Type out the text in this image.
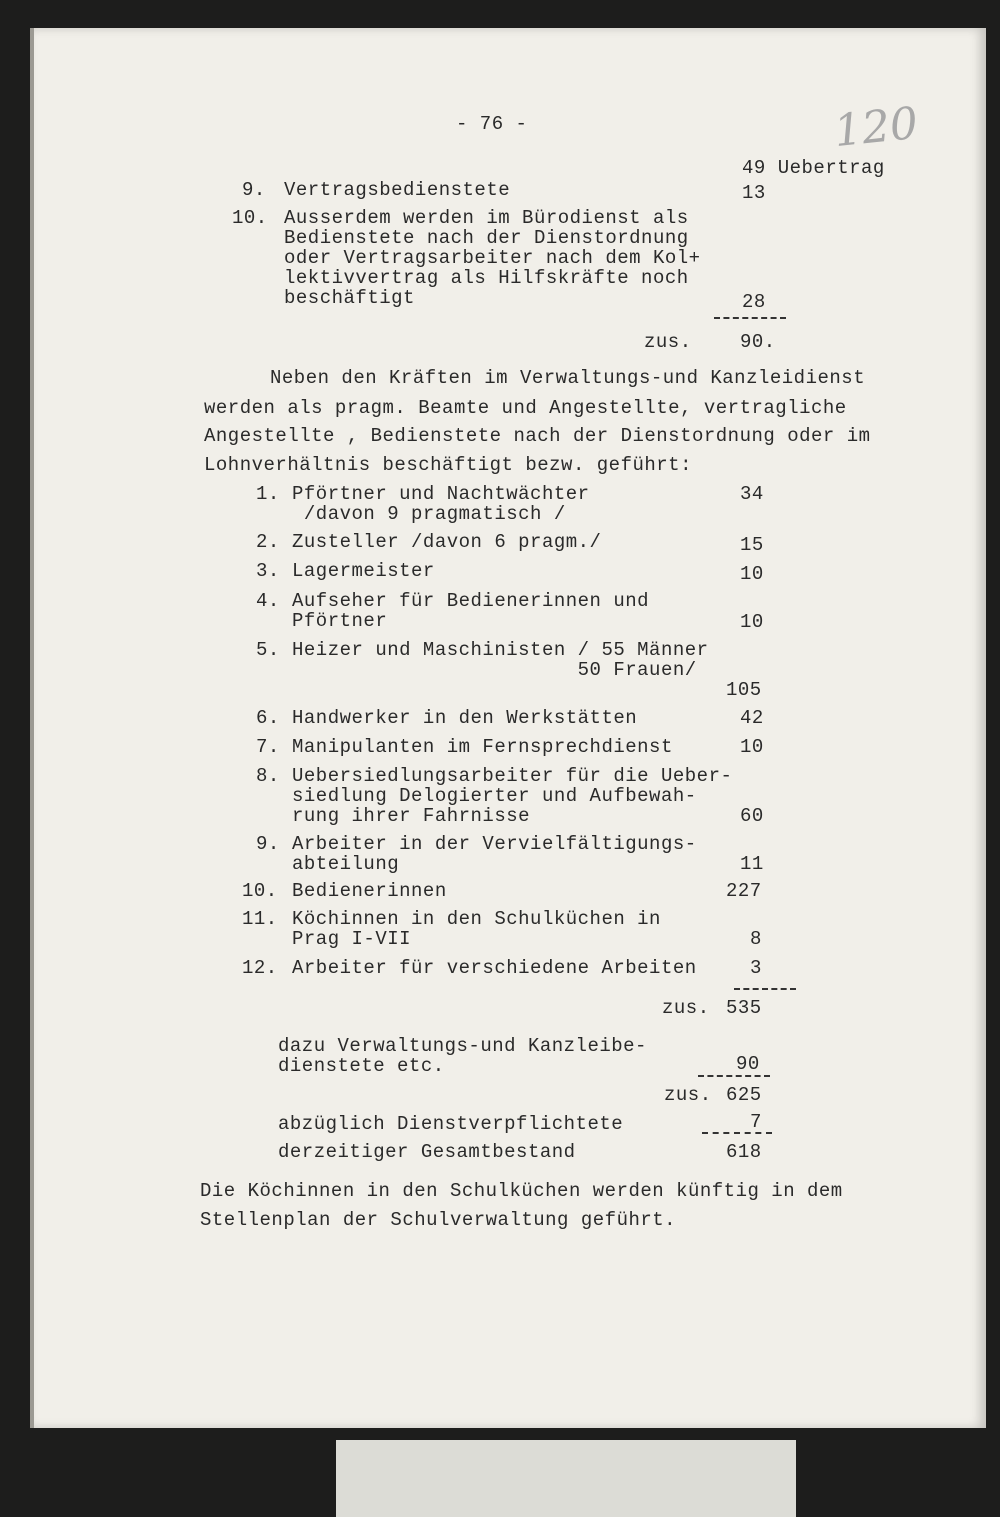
- 76 -	120
49 Uebertrag
9. Vertragsbedienstete	13
10. Ausserdem werden im Bürodienst als
Bedienstete nach der Dienstordnung
oder Vertragsarbeiter nach dem Kol+
lektivvertrag als Hilfskräfte noch
beschäftigt	28
zus.	90.
Neben den Kräften im Verwaltungs-und Kanzleidienst
werden als pragm. Beamte und Angestellte, vertragliche
Angestellte , Bedienstete nach der Dienstordnung oder im
Lohnverhältnis beschäftigt bezw. geführt:
1. Pförtner und Nachtwächter
/davon 9 pragmatisch /
34
2. Zusteller /davon 6 pragm./	15
3. Lagermeister	10
4. Aufseher für Bedienerinnen und
Pförtner	10
5. Heizer und Maschinisten / 55 Männer
50 Frauen/
105
6. Handwerker in den Werkstätten	42
7. Manipulanten im Fernsprechdienst	10
8. Uebersiedlungsarbeiter für die Ueber-
siedlung Delogierter und Aufbewah-
rung ihrer Fahrnisse	60
9. Arbeiter in der Vervielfältigungs-
abteilung	11
10. Bedienerinnen	227
11. Köchinnen in den Schulküchen in
Prag I-VII	8
12. Arbeiter für verschiedene Arbeiten	3
zus. 535
dazu Verwaltungs-und Kanzleibe-
dienstete etc.	90
zus. 625
abzüglich Dienstverpflichtete	7
derzeitiger Gesamtbestand	618
Die Köchinnen in den Schulküchen werden künftig in dem
Stellenplan der Schulverwaltung geführt.
